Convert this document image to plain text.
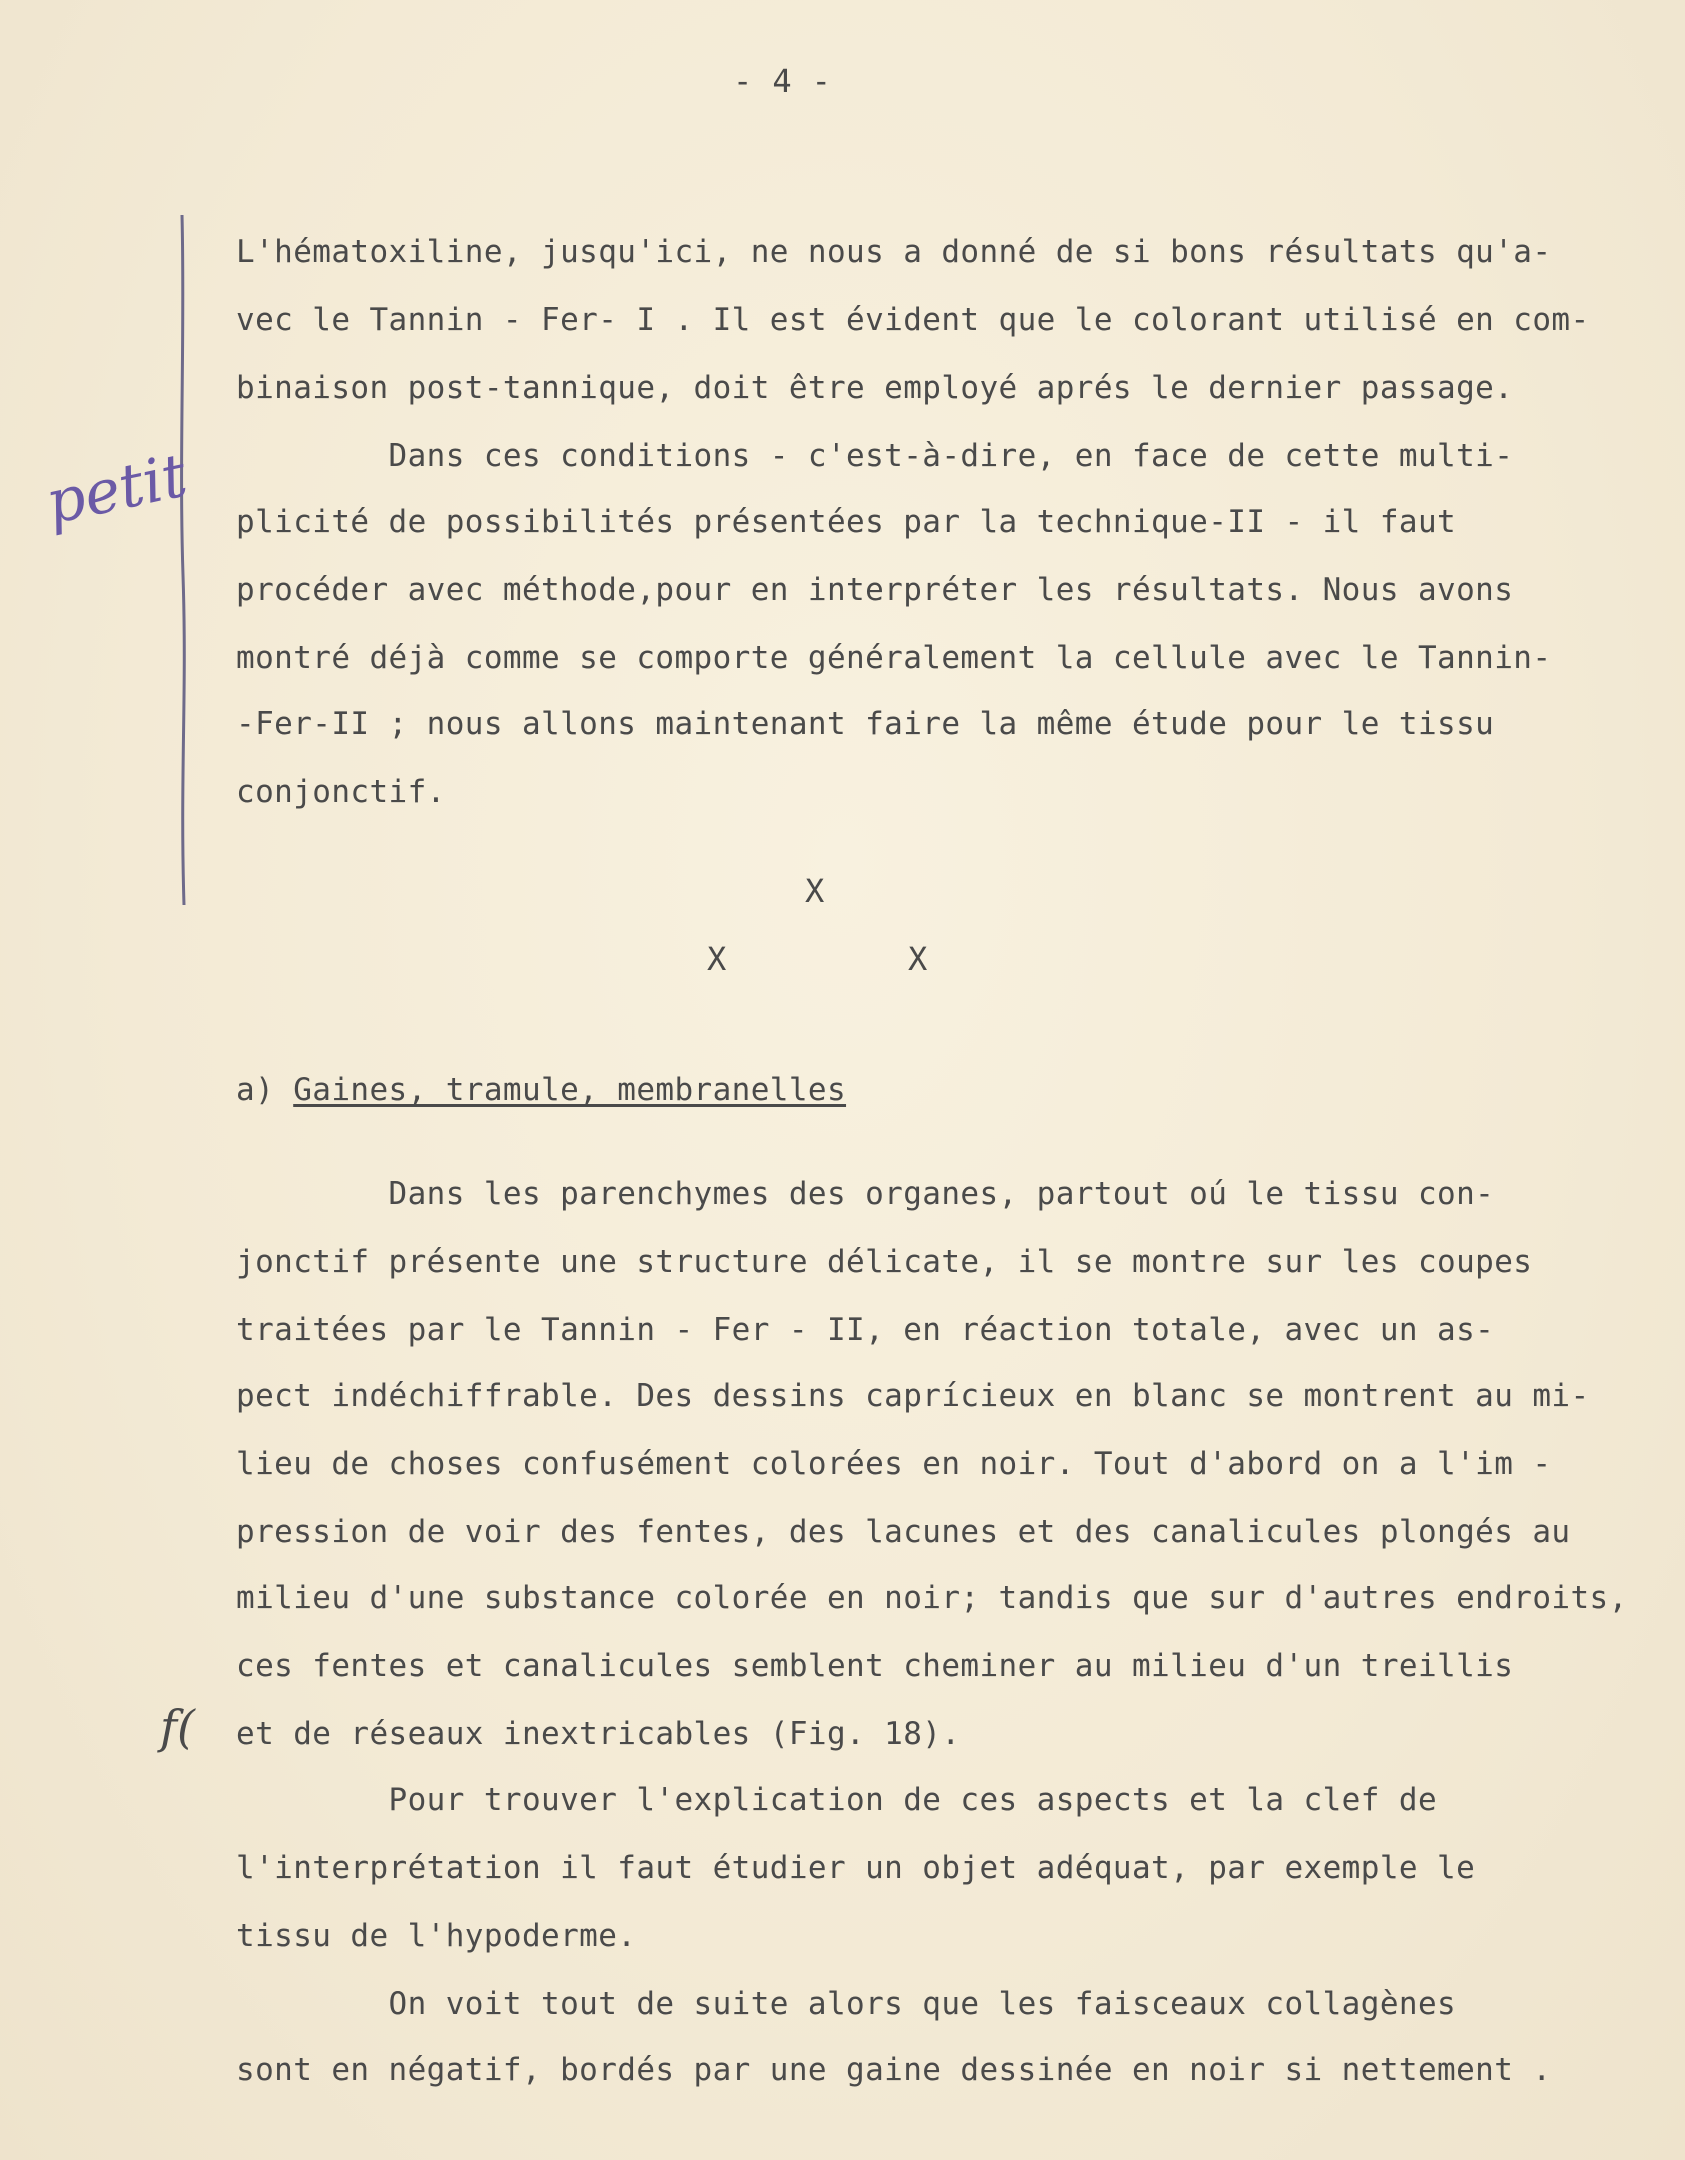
- 4 -
petit
f(
L'hématoxiline, jusqu'ici, ne nous a donné de si bons résultats qu'a-
vec le Tannin - Fer- I . Il est évident que le colorant utilisé en com-
binaison post-tannique, doit être employé aprés le dernier passage.
Dans ces conditions - c'est-à-dire, en face de cette multi-
plicité de possibilités présentées par la technique-II - il faut
procéder avec méthode,pour en interpréter les résultats. Nous avons
montré déjà comme se comporte généralement la cellule avec le Tannin-
-Fer-II ; nous allons maintenant faire la même étude pour le tissu
conjonctif.
X
X	X
a) Gaines, tramule, membranelles
Dans les parenchymes des organes, partout oú le tissu con-
jonctif présente une structure délicate, il se montre sur les coupes
traitées par le Tannin - Fer - II, en réaction totale, avec un as-
pect indéchiffrable. Des dessins caprícieux en blanc se montrent au mi-
lieu de choses confusément colorées en noir. Tout d'abord on a l'im -
pression de voir des fentes, des lacunes et des canalicules plongés au
milieu d'une substance colorée en noir; tandis que sur d'autres endroits,
ces fentes et canalicules semblent cheminer au milieu d'un treillis
et de réseaux inextricables (Fig. 18).
Pour trouver l'explication de ces aspects et la clef de
l'interprétation il faut étudier un objet adéquat, par exemple le
tissu de l'hypoderme.
On voit tout de suite alors que les faisceaux collagènes
sont en négatif, bordés par une gaine dessinée en noir si nettement .
